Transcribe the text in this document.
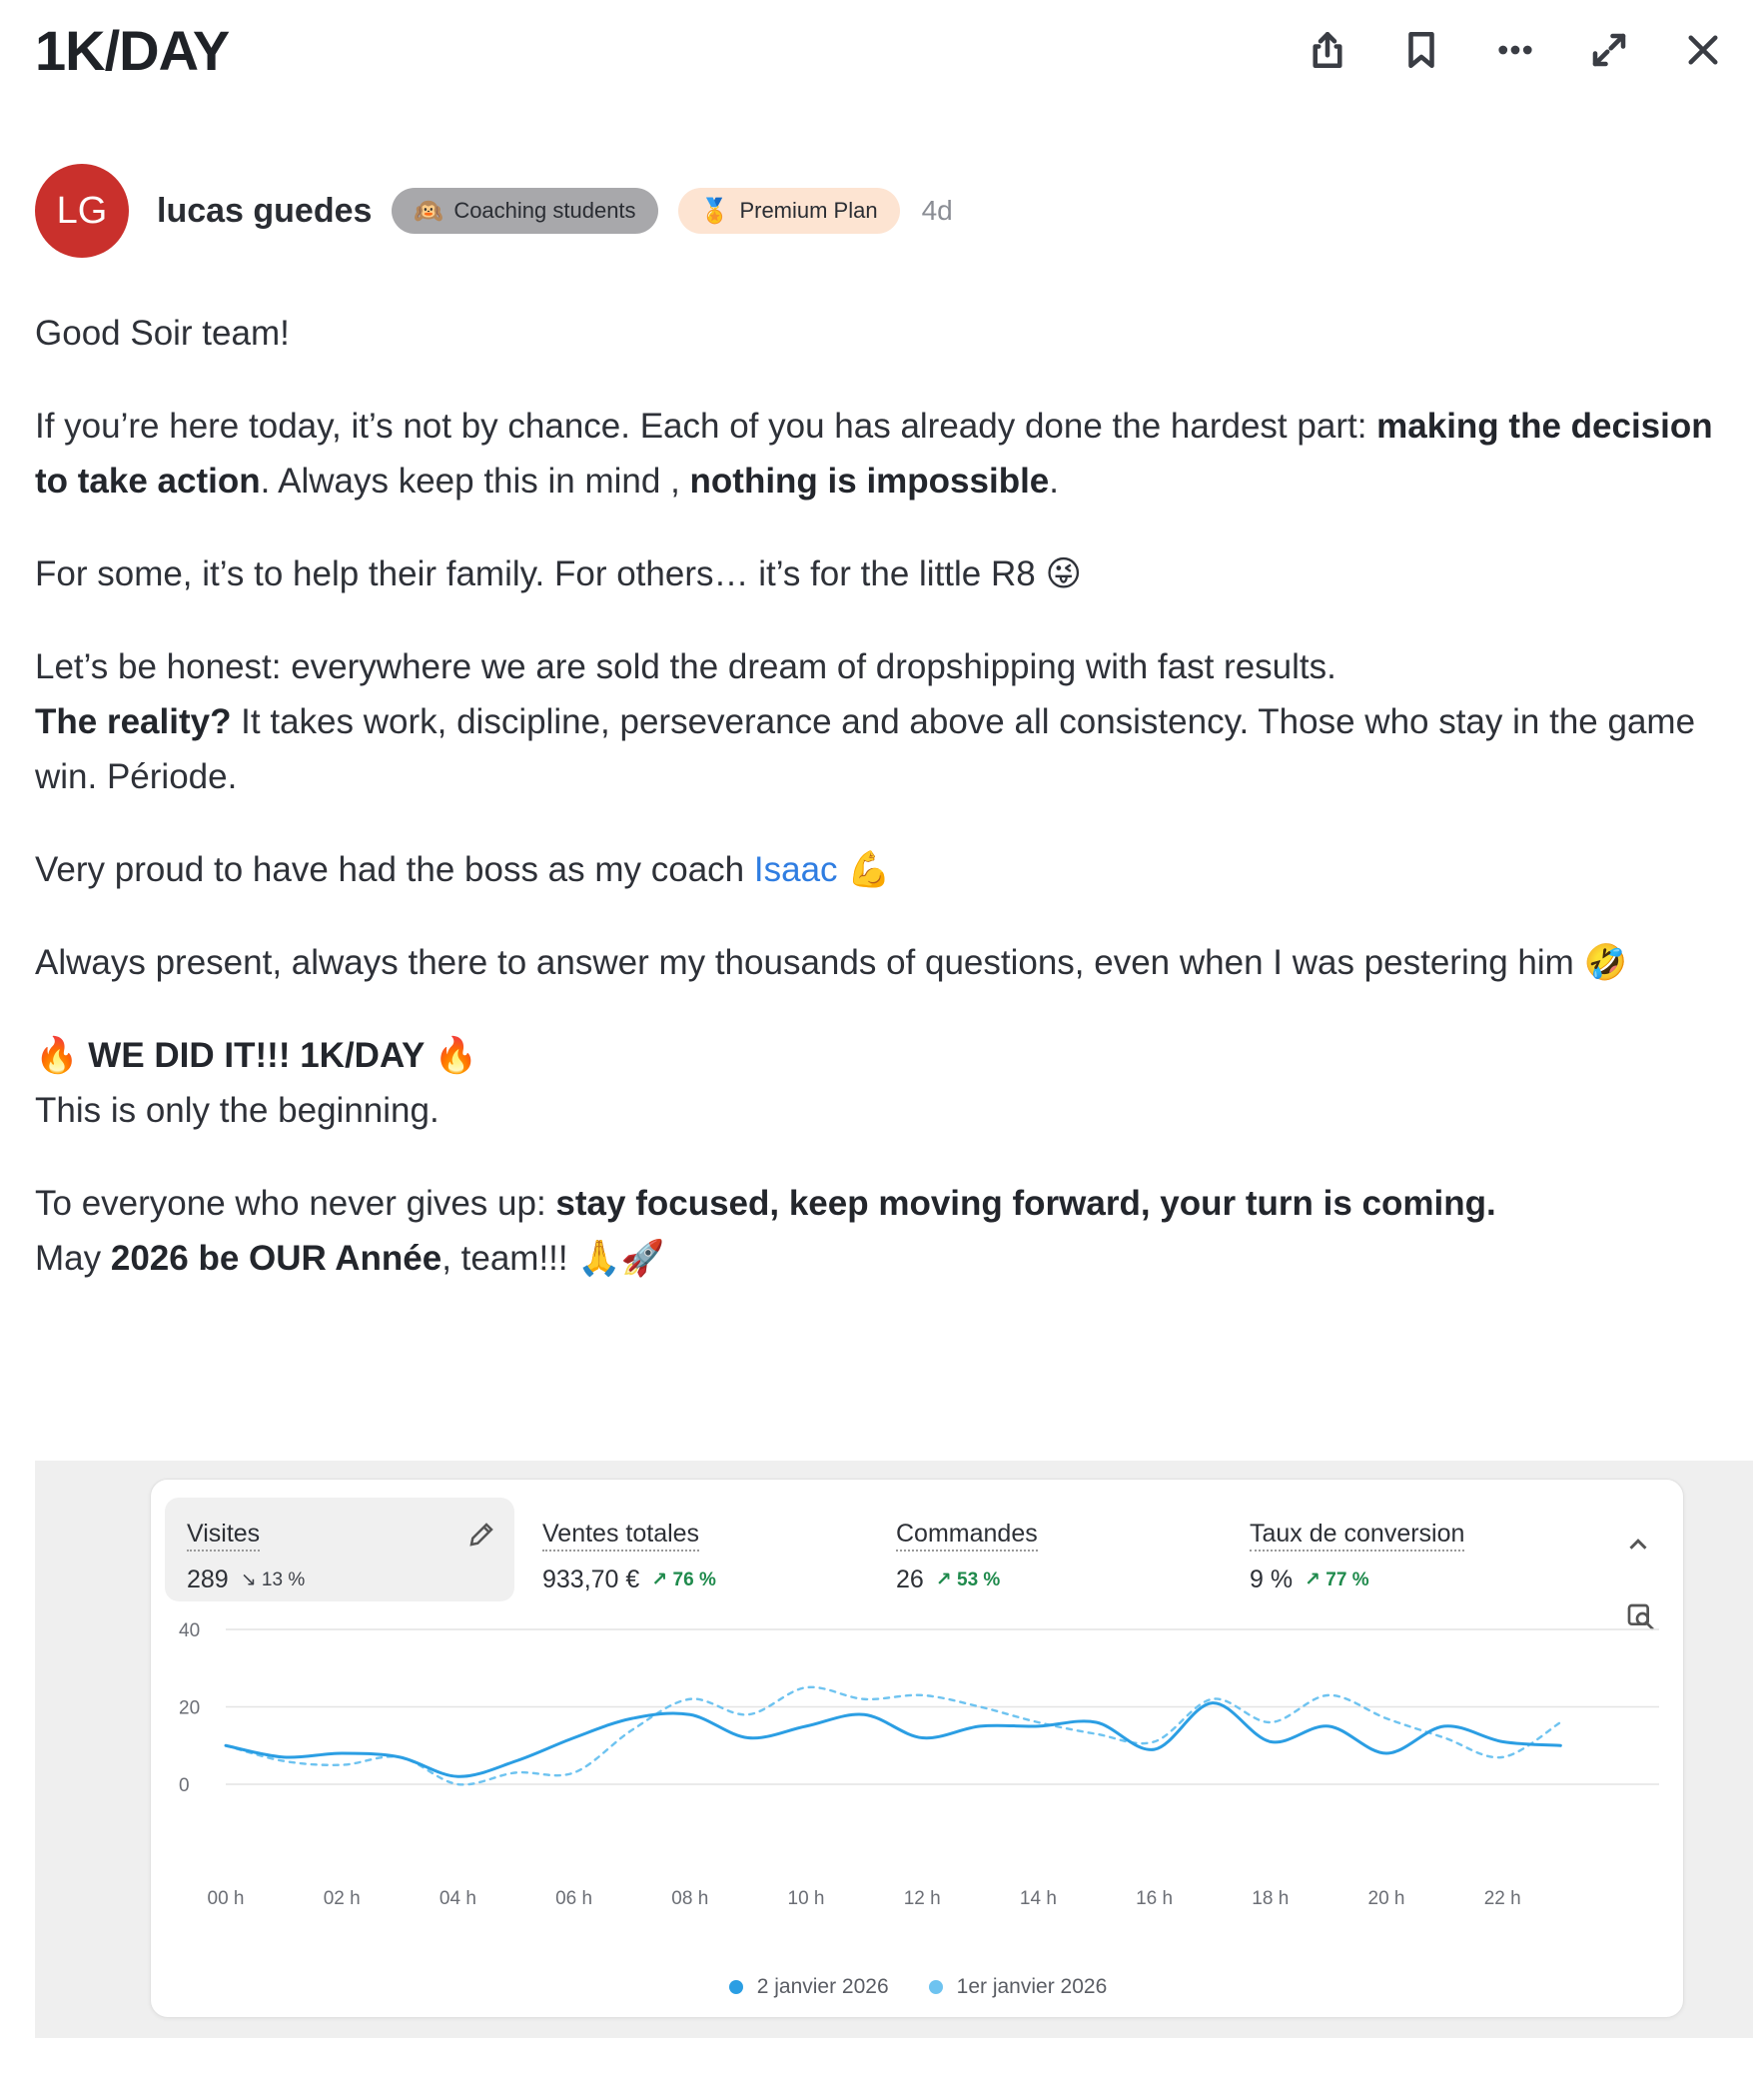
1K/DAY
LG	lucas guedes 🙉 Coaching students	🏅 Premium Plan 4d

Good Soir team!

If you’re here today, it’s not by chance. Each of you has already done the hardest part: making the decision to take action. Always keep this in mind , nothing is impossible.

For some, it’s to help their family. For others… it’s for the little R8 😜

Let’s be honest: everywhere we are sold the dream of dropshipping with fast results.
The reality? It takes work, discipline, perseverance and above all consistency. Those who stay in the game win. Période.

Very proud to have had the boss as my coach Isaac 💪

Always present, always there to answer my thousands of questions, even when I was pestering him 🤣

🔥 WE DID IT!!! 1K/DAY 🔥
This is only the beginning.

To everyone who never gives up: stay focused, keep moving forward, your turn is coming.
May 2026 be OUR Année, team!!! 🙏🚀

Visites
289 ↘ 13 %
Ventes totales
933,70 € ↗ 76 %
Commandes
26 ↗ 53 %
Taux de conversion
9 % ↗ 77 %
0
20
40
00 h	02 h	04 h	06 h	08 h	10 h	12 h	14 h	16 h	18 h	20 h	22 h
2 janvier 2026	1er janvier 2026
